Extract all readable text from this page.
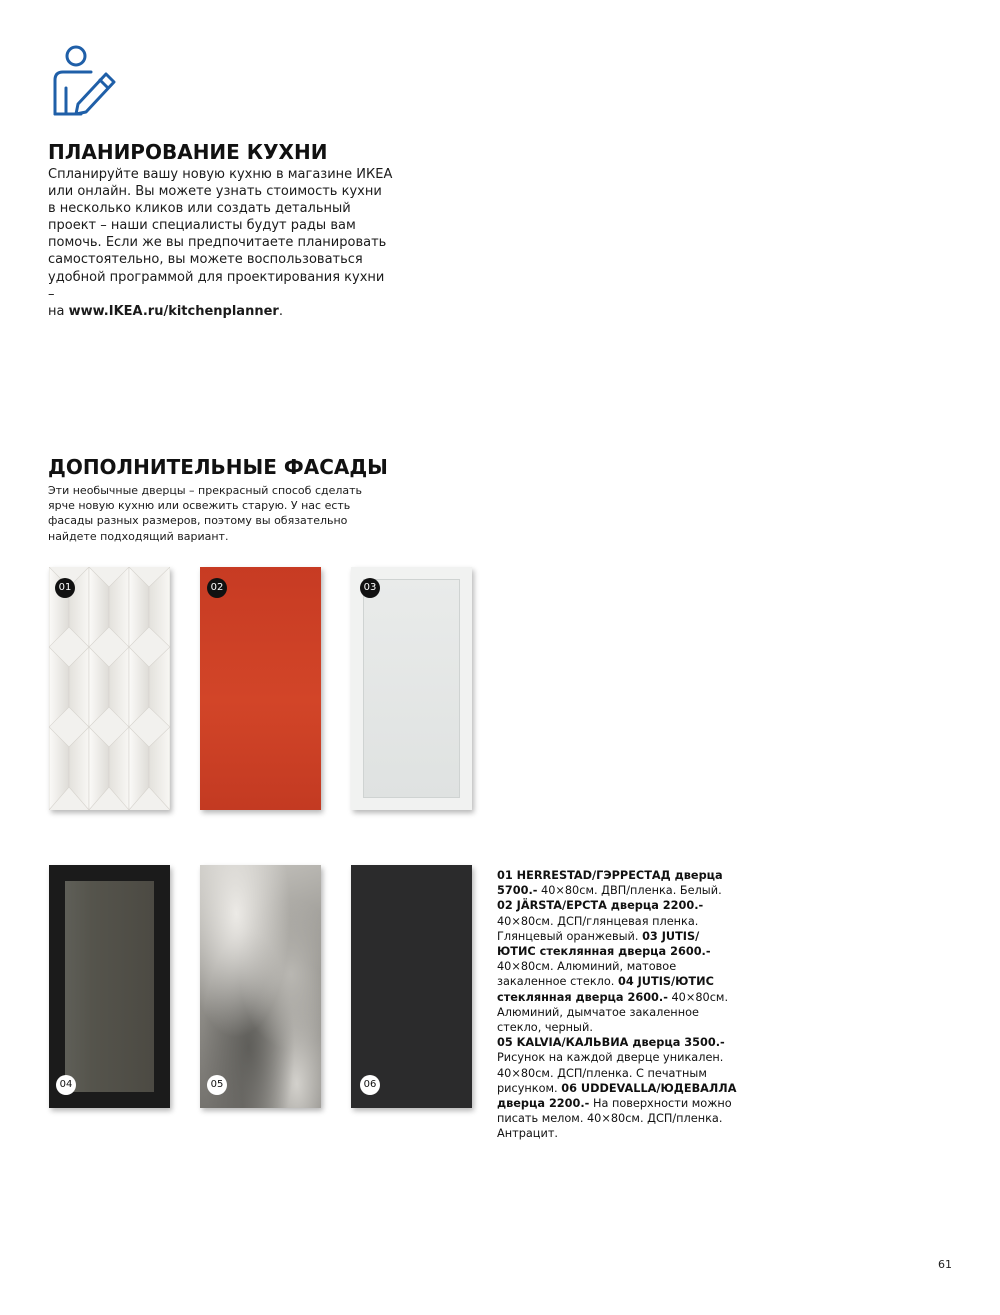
ПЛАНИРОВАНИЕ КУХНИ

Спланируйте вашу новую кухню в магазине ИКЕА
или онлайн. Вы можете узнать стоимость кухни
в несколько кликов или создать детальный
проект – наши специалисты будут рады вам
помочь. Если же вы предпочитаете планировать
самостоятельно, вы можете воспользоваться
удобной программой для проектирования кухни –
на www.IKEA.ru/kitchenplanner.

ДОПОЛНИТЕЛЬНЫЕ ФАСАДЫ

Эти необычные дверцы – прекрасный способ сделать
ярче новую кухню или освежить старую. У нас есть
фасады разных размеров, поэтому вы обязательно
найдете подходящий вариант.

01	02	03
04	05	06

01 HERRESTAD/ГЭРРЕСТАД дверца 5700.- 40×80см. ДВП/пленка. Белый.
02 JÄRSTA/ЕРСТА дверца 2200.- 40×80см. ДСП/глянцевая пленка. Глянцевый оранжевый. 03 JUTIS/ЮТИС стеклянная дверца 2600.- 40×80см. Алюминий, матовое закаленное стекло. 04 JUTIS/ЮТИС стеклянная дверца 2600.- 40×80см. Алюминий, дымчатое закаленное стекло, черный.
05 KALVIA/КАЛЬВИА дверца 3500.- Рисунок на каждой дверце уникален. 40×80см. ДСП/пленка. С печатным рисунком. 06 UDDEVALLA/ЮДЕВАЛЛА дверца 2200.- На поверхности можно писать мелом. 40×80см. ДСП/пленка. Антрацит.

61
